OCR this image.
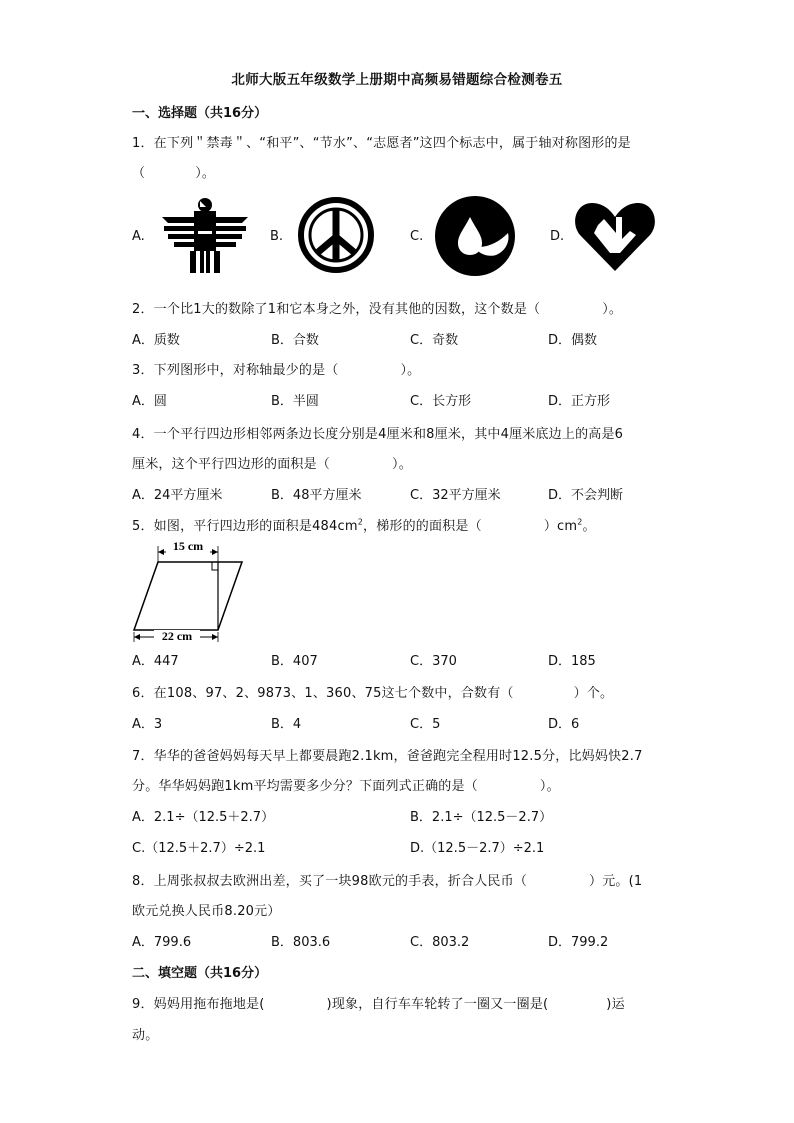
北师大版五年级数学上册期中高频易错题综合检测卷五
一、选择题（共16分）
1．在下列＂禁毒＂、“和平”、“节水”、“志愿者”这四个标志中，属于轴对称图形的是
（	）。
A.	B.	C.	D.
2．一个比1大的数除了1和它本身之外，没有其他的因数，这个数是（	）。
A．质数	B．合数	C．奇数	D．偶数
3．下列图形中，对称轴最少的是（	）。
A．圆	B．半圆	C．长方形	D．正方形
4．一个平行四边形相邻两条边长度分别是4厘米和8厘米，其中4厘米底边上的高是6
厘米，这个平行四边形的面积是（	）。
A．24平方厘米	B．48平方厘米	C．32平方厘米	D．不会判断
5．如图，平行四边形的面积是$484cm^2$，梯形的的面积是（	）$cm^2$。
15 cm
22 cm
A．447	B．407	C．370	D．185
6．在108、97、2、9873、1、360、75这七个数中，合数有（	）个。
A．3	B．4	C．5	D．6
7．华华的爸爸妈妈每天早上都要晨跑2.1km，爸爸跑完全程用时12.5分，比妈妈快2.7
分。华华妈妈跑1km平均需要多少分？下面列式正确的是（	）。
A．2.1÷（12.5＋2.7）	B．2.1÷（12.5－2.7）
C.（12.5＋2.7）÷2.1	D.（12.5－2.7）÷2.1
8．上周张叔叔去欧洲出差，买了一块98欧元的手表，折合人民币（	）元。(1
欧元兑换人民币8.20元）
A．799.6	B．803.6	C．803.2	D．799.2
二、填空题（共16分）
9．妈妈用拖布拖地是(	)现象，自行车车轮转了一圈又一圈是(	)运
动。
